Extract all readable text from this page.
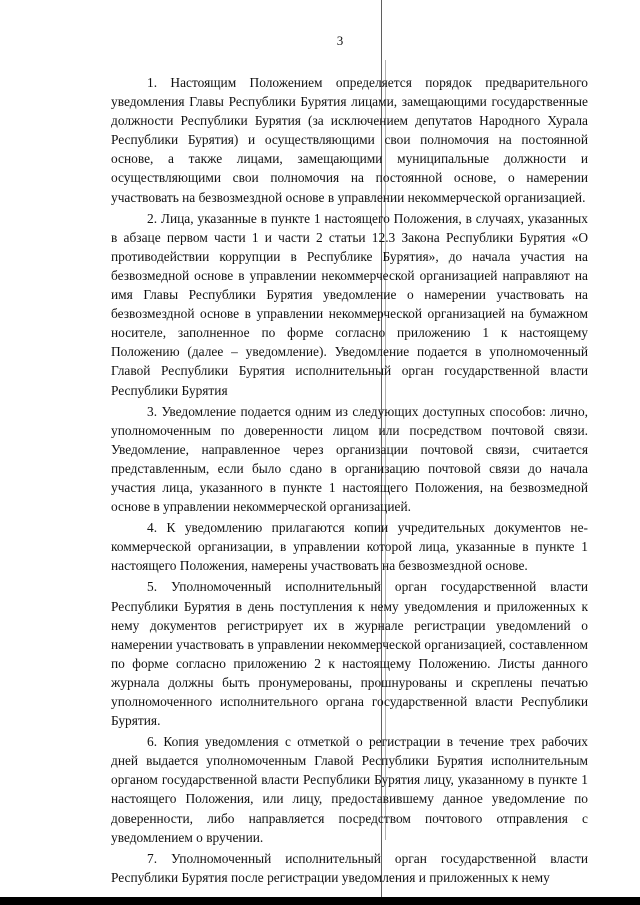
3

1. Настоящим Положением определяется порядок предварительного уведомления Главы Республики Бурятия лицами, замещающими государственные должности Республики Бурятия (за исключением депутатов Народного Хурала Республики Бурятия) и осуществляющими свои полномочия на постоянной основе, а также лицами, замещающими муниципальные должности и осуществляющими свои полномочия на постоянной основе, о намерении участвовать на безвозмездной основе в управлении некоммерческой организацией.

2. Лица, указанные в пункте 1 настоящего Положения, в случаях, указанных в абзаце первом части 1 и части 2 статьи 12.3 Закона Республики Бурятия «О противодействии коррупции в Республике Бурятия», до начала участия на безвозмедной основе в управлении некоммерческой организацией направляют на имя Главы Республики Бурятия уведомление о намерении участвовать на безвозмездной основе в управлении некоммерческой организацией на бумажном носителе, заполненное по форме согласно приложению 1 к настоящему Положению (далее – уведомление). Уведомление подается в уполномоченный Главой Республики Бурятия исполнительный орган государственной власти Республики Бурятия

3. Уведомление подается одним из следующих доступных способов: лично, уполномоченным по доверенности лицом или посредством почтовой связи. Уведомление, направленное через организации почтовой связи, считается представленным, если было сдано в организацию почтовой связи до начала участия лица, указанного в пункте 1 настоящего Положения, на безвозмедной основе в управлении некоммерческой организацией.

4. К уведомлению прилагаются копии учредительных документов некоммерческой организации, в управлении которой лица, указанные в пункте 1 настоящего Положения, намерены участвовать на безвозмездной основе.

5. Уполномоченный исполнительный орган государственной власти Республики Бурятия в день поступления к нему уведомления и приложенных к нему документов регистрирует их в журнале регистрации уведомлений о намерении участвовать в управлении некоммерческой организацией, составленном по форме согласно приложению 2 к настоящему Положению. Листы данного журнала должны быть пронумерованы, прошнурованы и скреплены печатью уполномоченного исполнительного органа государственной власти Республики Бурятия.

6. Копия уведомления с отметкой о регистрации в течение трех рабочих дней выдается уполномоченным Главой Республики Бурятия исполнительным органом государственной власти Республики Бурятия лицу, указанному в пункте 1 настоящего Положения, или лицу, предоставившему данное уведомление по доверенности, либо направляется посредством почтового отправления с уведомлением о вручении.

7. Уполномоченный исполнительный орган государственной власти Республики Бурятия после регистрации уведомления и приложенных к нему
